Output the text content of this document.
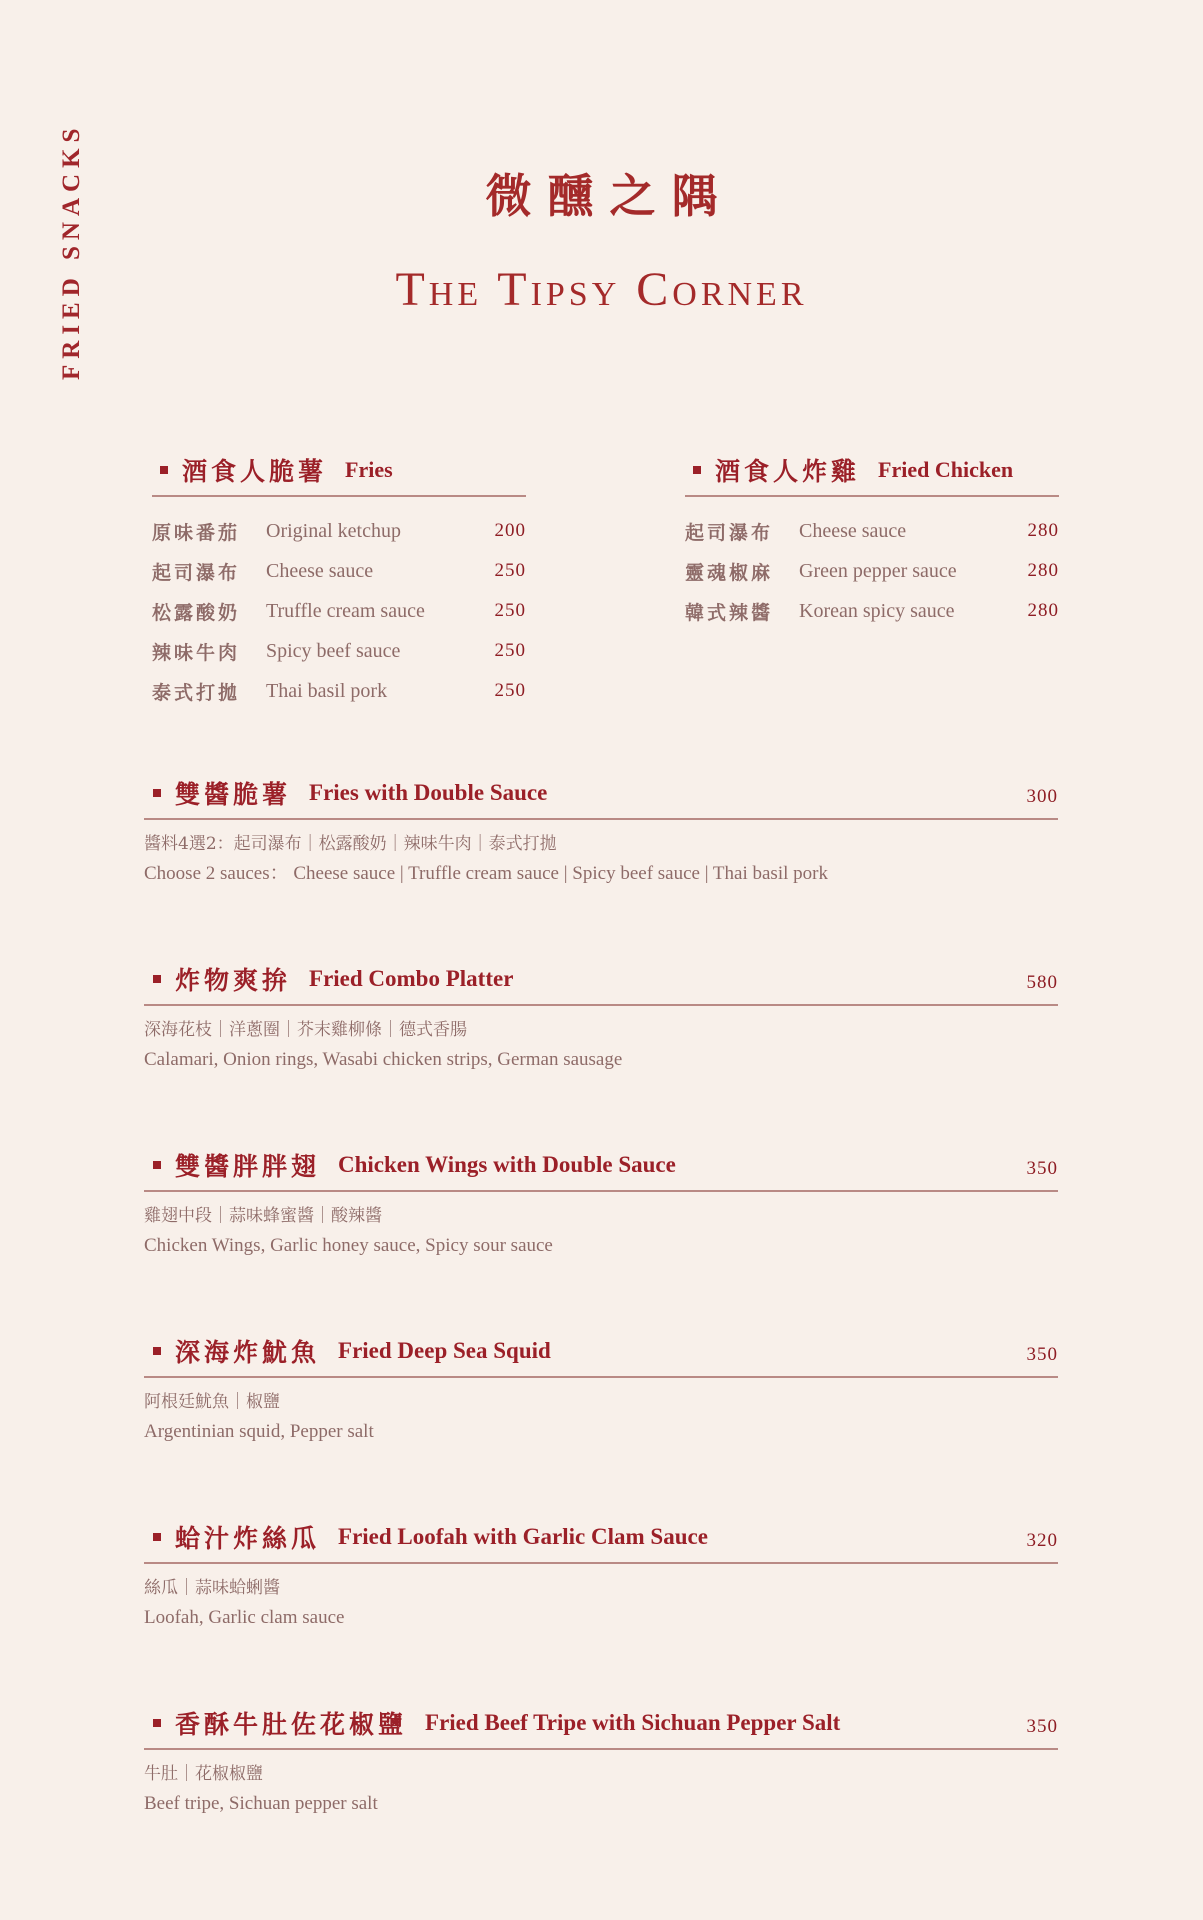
FRIED SNACKS	微醺之隅
The Tipsy Corner
酒食人脆薯 Fries
原味番茄	Original ketchup	200
起司瀑布	Cheese sauce	250
松露酸奶	Truffle cream sauce	250
辣味牛肉	Spicy beef sauce	250
泰式打拋	Thai basil pork	250
酒食人炸雞 Fried Chicken
起司瀑布	Cheese sauce	280
靈魂椒麻	Green pepper sauce	280
韓式辣醬	Korean spicy sauce	280
雙醬脆薯 Fries with Double Sauce	300
醬料4選2：起司瀑布｜松露酸奶｜辣味牛肉｜泰式打拋
Choose 2 sauces： Cheese sauce | Truffle cream sauce | Spicy beef sauce | Thai basil pork
炸物爽拚 Fried Combo Platter	580
深海花枝｜洋蔥圈｜芥末雞柳條｜德式香腸
Calamari, Onion rings, Wasabi chicken strips, German sausage
雙醬胖胖翅 Chicken Wings with Double Sauce	350
雞翅中段｜蒜味蜂蜜醬｜酸辣醬
Chicken Wings, Garlic honey sauce, Spicy sour sauce
深海炸魷魚 Fried Deep Sea Squid	350
阿根廷魷魚｜椒鹽
Argentinian squid, Pepper salt
蛤汁炸絲瓜 Fried Loofah with Garlic Clam Sauce	320
絲瓜｜蒜味蛤蜊醬
Loofah, Garlic clam sauce
香酥牛肚佐花椒鹽 Fried Beef Tripe with Sichuan Pepper Salt	350
牛肚｜花椒椒鹽
Beef tripe, Sichuan pepper salt
